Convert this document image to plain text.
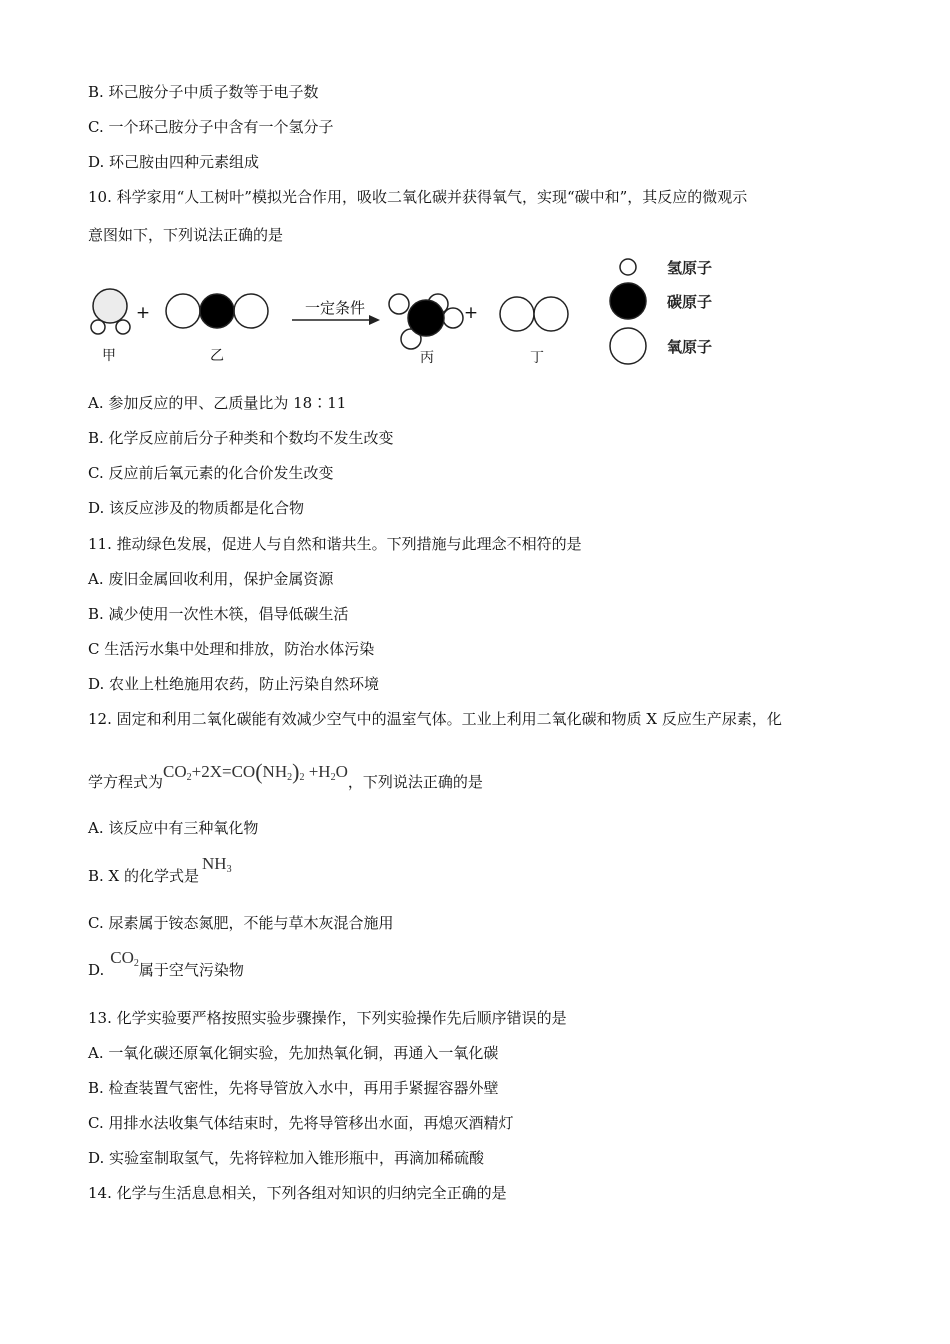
B. 环己胺分子中质子数等于电子数
C. 一个环己胺分子中含有一个氢分子
D. 环己胺由四种元素组成
10. 科学家用“人工树叶”模拟光合作用，吸收二氧化碳并获得氧气，实现“碳中和”，其反应的微观示
意图如下，下列说法正确的是
一定条件
+	+
甲	乙	丙	丁
氢原子
碳原子
氧原子
A. 参加反应的甲、乙质量比为 18∶11
B. 化学反应前后分子种类和个数均不发生改变
C. 反应前后氧元素的化合价发生改变
D. 该反应涉及的物质都是化合物
11. 推动绿色发展，促进人与自然和谐共生。下列措施与此理念不相符的是
A. 废旧金属回收利用，保护金属资源
B. 减少使用一次性木筷，倡导低碳生活
C 生活污水集中处理和排放，防治水体污染
D. 农业上杜绝施用农药，防止污染自然环境
12. 固定和利用二氧化碳能有效减少空气中的温室气体。工业上利用二氧化碳和物质 X 反应生产尿素，化
学方程式为$CO_2+2X=CO(NH_2)_2 +H_2O$，下列说法正确的是
A. 该反应中有三种氧化物
B. X 的化学式是$NH_3$
C. 尿素属于铵态氮肥，不能与草木灰混合施用
$D.CO_2$属于空气污染物
13. 化学实验要严格按照实验步骤操作，下列实验操作先后顺序错误的是
A. 一氧化碳还原氧化铜实验，先加热氧化铜，再通入一氧化碳
B. 检查装置气密性，先将导管放入水中，再用手紧握容器外壁
C. 用排水法收集气体结束时，先将导管移出水面，再熄灭酒精灯
D. 实验室制取氢气，先将锌粒加入锥形瓶中，再滴加稀硫酸
14. 化学与生活息息相关，下列各组对知识的归纳完全正确的是
